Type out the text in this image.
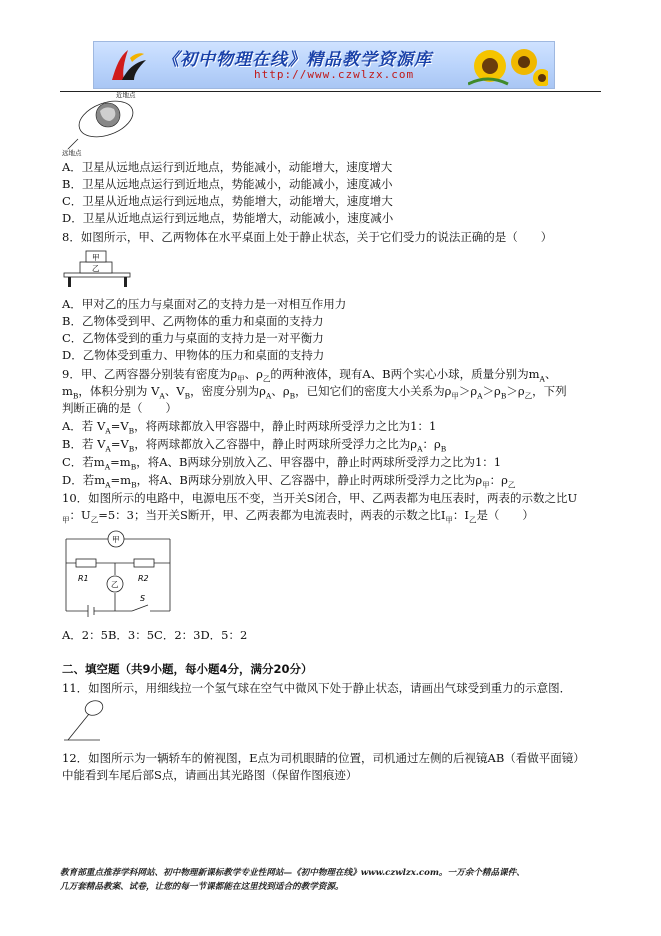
《初中物理在线》精品教学资源库
http://www.czwlzx.com
远地点
近地点
A．卫星从远地点运行到近地点，势能减小，动能增大，速度增大
B．卫星从远地点运行到近地点，势能减小，动能减小，速度减小
C．卫星从近地点运行到远地点，势能增大，动能增大，速度增大
D．卫星从近地点运行到远地点，势能增大，动能减小，速度减小
8．如图所示，甲、乙两物体在水平桌面上处于静止状态，关于它们受力的说法正确的是（　　）
甲
乙
A．甲对乙的压力与桌面对乙的支持力是一对相互作用力
B．乙物体受到甲、乙两物体的重力和桌面的支持力
C．乙物体受到的重力与桌面的支持力是一对平衡力
D．乙物体受到重力、甲物体的压力和桌面的支持力
9．甲、乙两容器分别装有密度为$\rho_甲$、$\rho_乙$的两种液体，现有A、B两个实心小球，质量分别为$m_A$、
$m_B$，体积分别为 $V_A$、$V_B$，密度分别为$\rho_A$、$\rho_B$，已知它们的密度大小关系为$\rho_甲>\rho_A>\rho_B>\rho_乙$，下列
判断正确的是（　　）
A．若 $V_A=V_B$，将两球都放入甲容器中，静止时两球所受浮力之比为1：1
B．若 $V_A=V_B$，将两球都放入乙容器中，静止时两球所受浮力之比为$\rho_A$：$\rho_B$
C．若$m_A=m_B$，将A、B两球分别放入乙、甲容器中，静止时两球所受浮力之比为1：1
D．若$m_A=m_B$，将A、B两球分别放入甲、乙容器中，静止时两球所受浮力之比为$\rho_甲$：$\rho_乙$
10．如图所示的电路中，电源电压不变，当开关S闭合，甲、乙两表都为电压表时，两表的示数之比U
$_甲$：$U_乙=5$：3；当开关S断开，甲、乙两表都为电流表时，两表的示数之比$I_甲$：$I_乙$是（　　）
甲
R1	R2
乙
S
A．2：5B．3：5C．2：3D．5：2
二、填空题（共9小题，每小题4分，满分20分）
11．如图所示，用细线拉一个氢气球在空气中微风下处于静止状态，请画出气球受到重力的示意图．
12．如图所示为一辆轿车的俯视图，E点为司机眼睛的位置，司机通过左侧的后视镜AB（看做平面镜）
中能看到车尾后部S点，请画出其光路图（保留作图痕迹）
教育部重点推荐学科网站、初中物理新课标教学专业性网站—《初中物理在线》www.czwlzx.com。一万余个精品课件、
几万套精品教案、试卷，让您的每一节课都能在这里找到适合的教学资源。
